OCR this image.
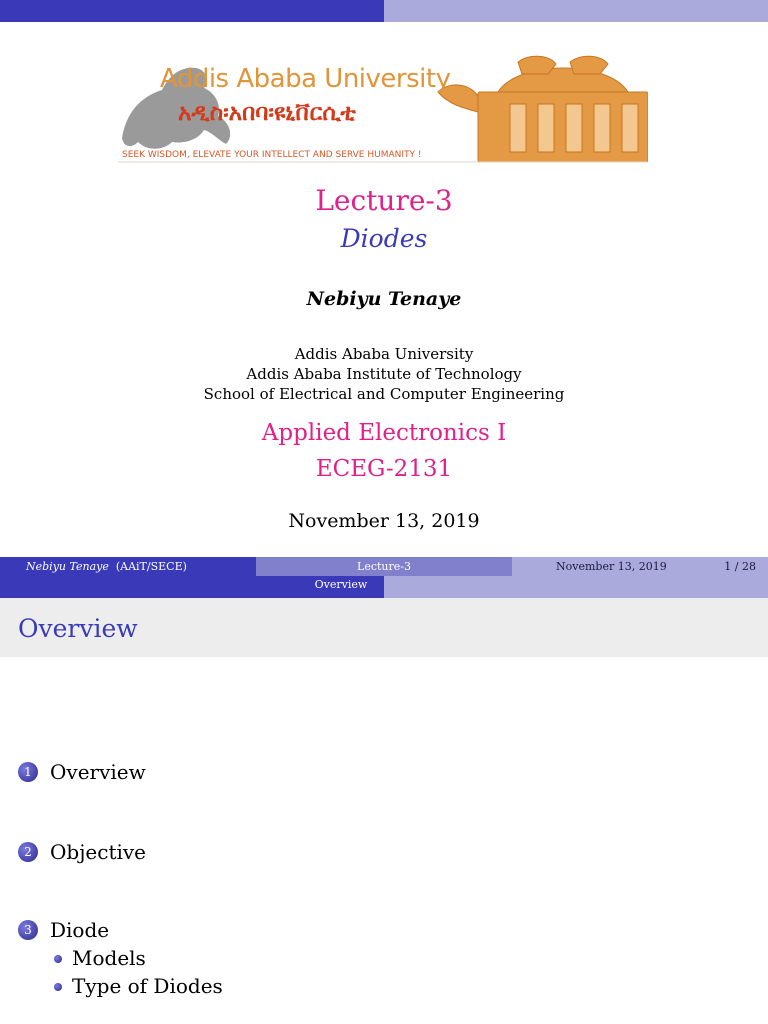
Addis Ababa University
አዲስ፡አበባ፡ዩኒቨርሲቲ
SEEK WISDOM, ELEVATE YOUR INTELLECT AND SERVE HUMANITY !
Lecture-3
Diodes
Nebiyu Tenaye
Addis Ababa University
Addis Ababa Institute of Technology
School of Electrical and Computer Engineering
Applied Electronics I
ECEG-2131
November 13, 2019
Nebiyu Tenaye (AAiT/SECE)	Lecture-3	November 13, 2019	1 / 28
Overview
Overview
1 Overview
2 Objective
3 Diode
Models
Type of Diodes
